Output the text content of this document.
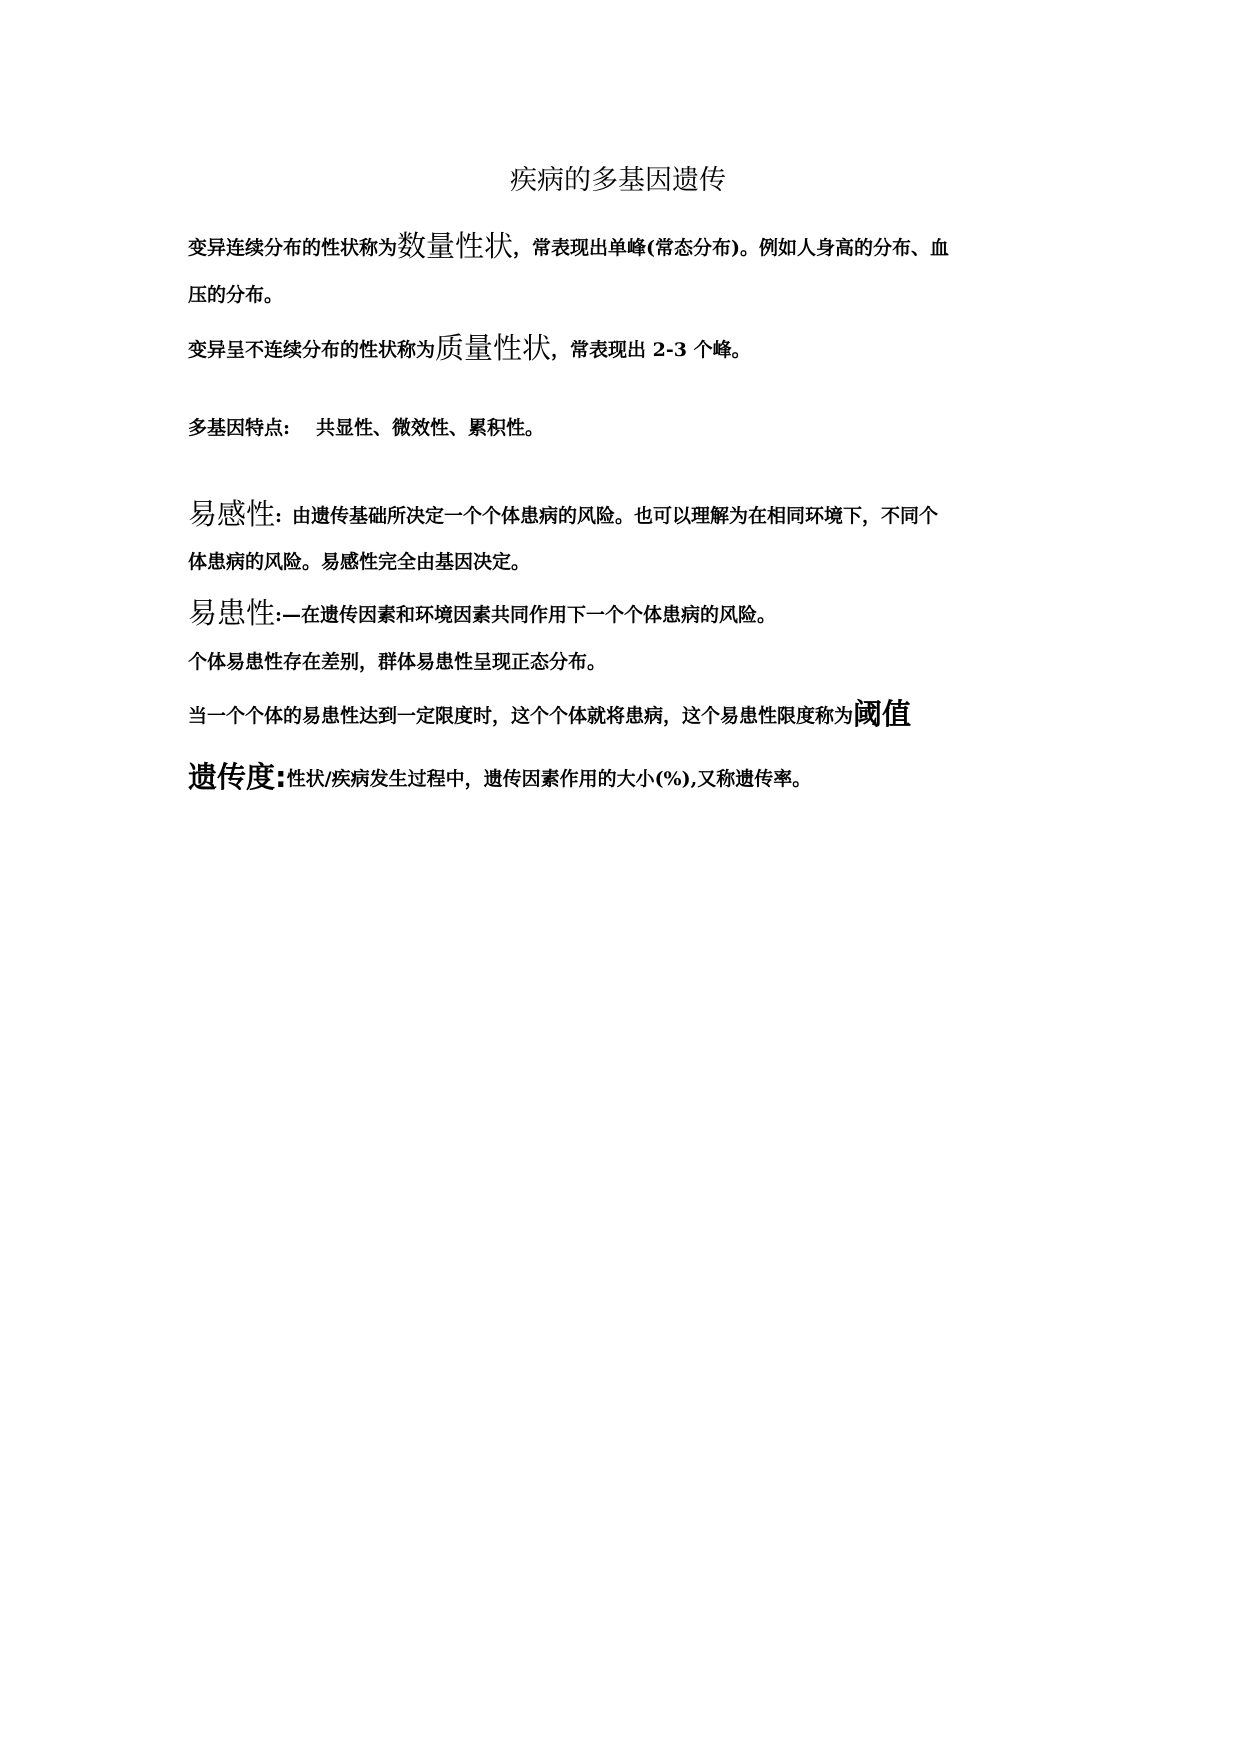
疾病的多基因遗传
变异连续分布的性状称为数量性状，常表现出单峰(常态分布)。例如人身高的分布、血
压的分布。
变异呈不连续分布的性状称为质量性状，常表现出 2-3 个峰。
多基因特点: 共显性、微效性、累积性。
易感性: 由遗传基础所决定一个个体患病的风险。也可以理解为在相同环境下，不同个
体患病的风险。易感性完全由基因决定。
易患性:—在遗传因素和环境因素共同作用下一个个体患病的风险。
个体易患性存在差别，群体易患性呈现正态分布。
当一个个体的易患性达到一定限度时，这个个体就将患病，这个易患性限度称为阈值
遗传度:性状/疾病发生过程中，遗传因素作用的大小(%),又称遗传率。
